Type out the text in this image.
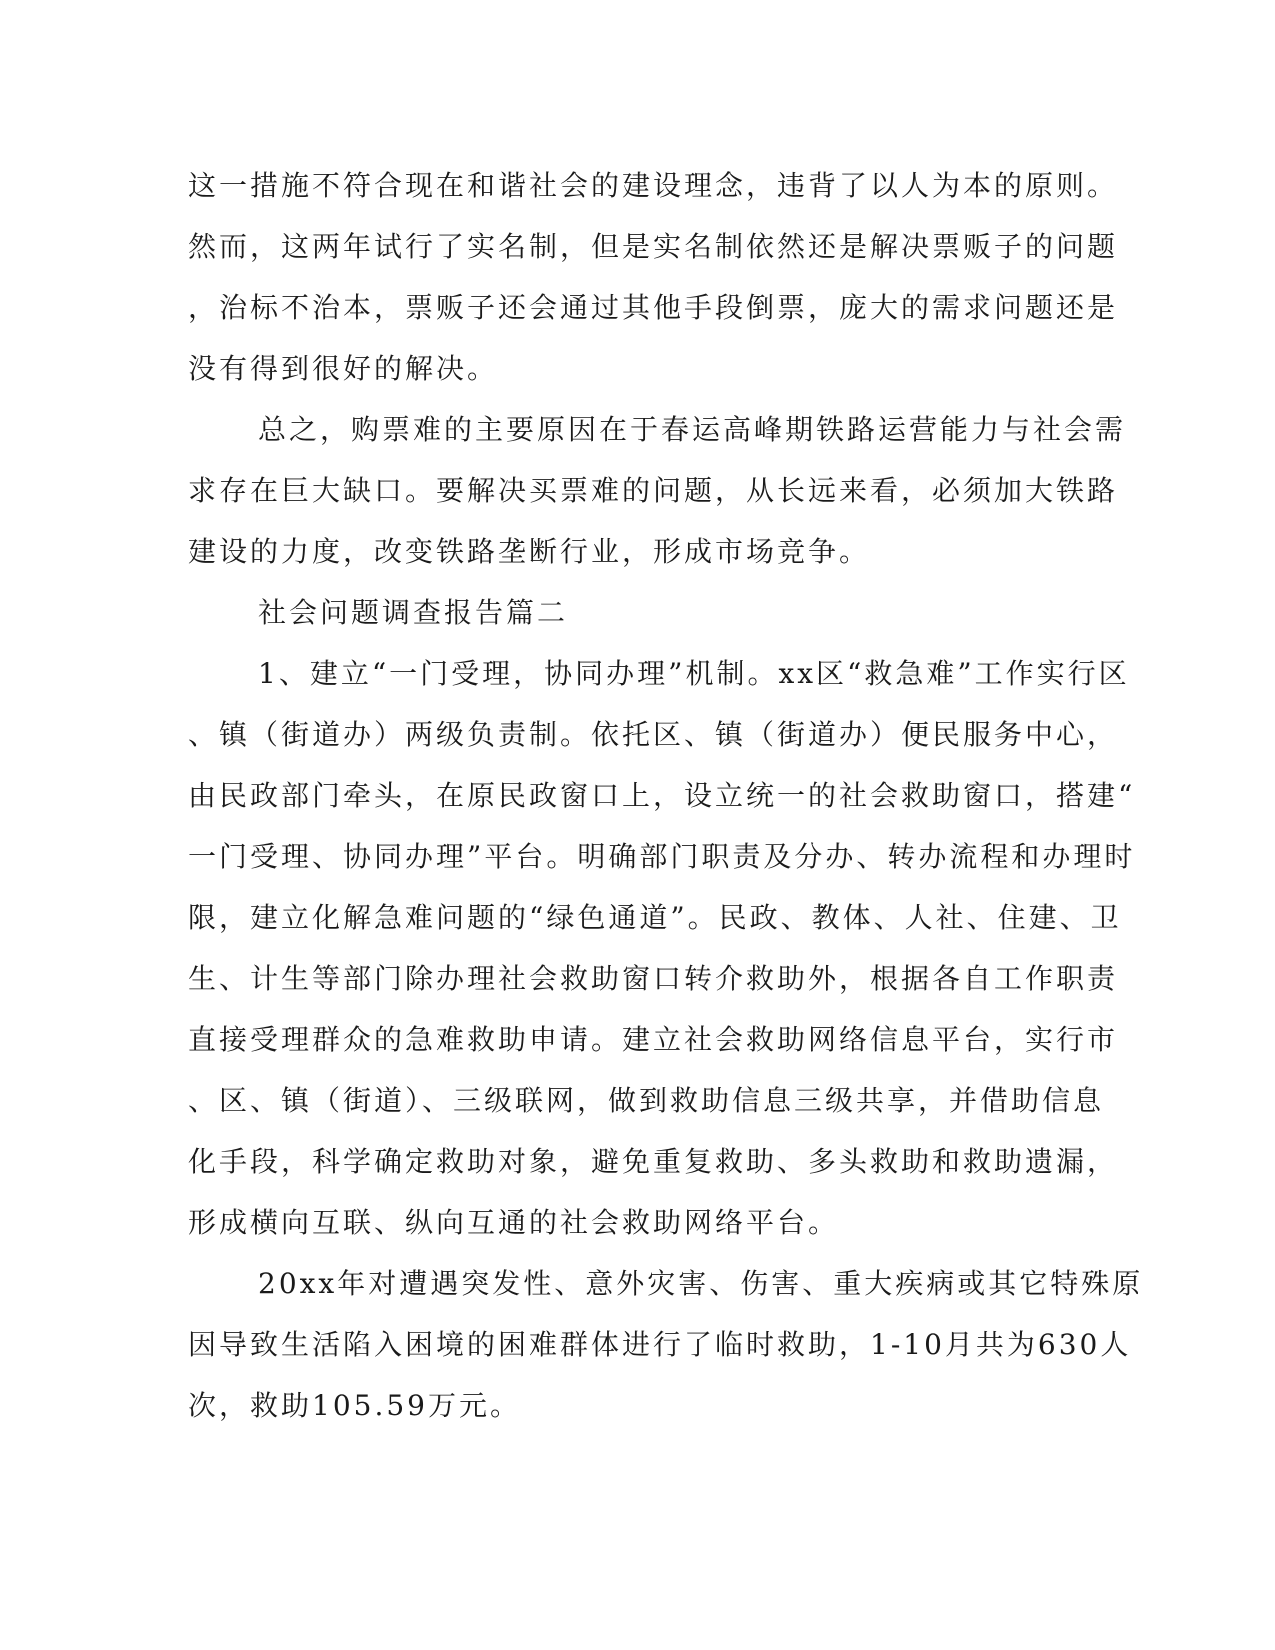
这一措施不符合现在和谐社会的建设理念，违背了以人为本的原则。
然而，这两年试行了实名制，但是实名制依然还是解决票贩子的问题
，治标不治本，票贩子还会通过其他手段倒票，庞大的需求问题还是
没有得到很好的解决。
总之，购票难的主要原因在于春运高峰期铁路运营能力与社会需
求存在巨大缺口。要解决买票难的问题，从长远来看，必须加大铁路
建设的力度，改变铁路垄断行业，形成市场竞争。
社会问题调查报告篇二
1、建立“一门受理，协同办理”机制。xx区“救急难”工作实行区
、镇（街道办）两级负责制。依托区、镇（街道办）便民服务中心，
由民政部门牵头，在原民政窗口上，设立统一的社会救助窗口，搭建“
一门受理、协同办理”平台。明确部门职责及分办、转办流程和办理时
限，建立化解急难问题的“绿色通道”。民政、教体、人社、住建、卫
生、计生等部门除办理社会救助窗口转介救助外，根据各自工作职责
直接受理群众的急难救助申请。建立社会救助网络信息平台，实行市
、区、镇（街道）、三级联网，做到救助信息三级共享，并借助信息
化手段，科学确定救助对象，避免重复救助、多头救助和救助遗漏，
形成横向互联、纵向互通的社会救助网络平台。
20xx年对遭遇突发性、意外灾害、伤害、重大疾病或其它特殊原
因导致生活陷入困境的困难群体进行了临时救助，1-10月共为630人
次，救助105.59万元。
